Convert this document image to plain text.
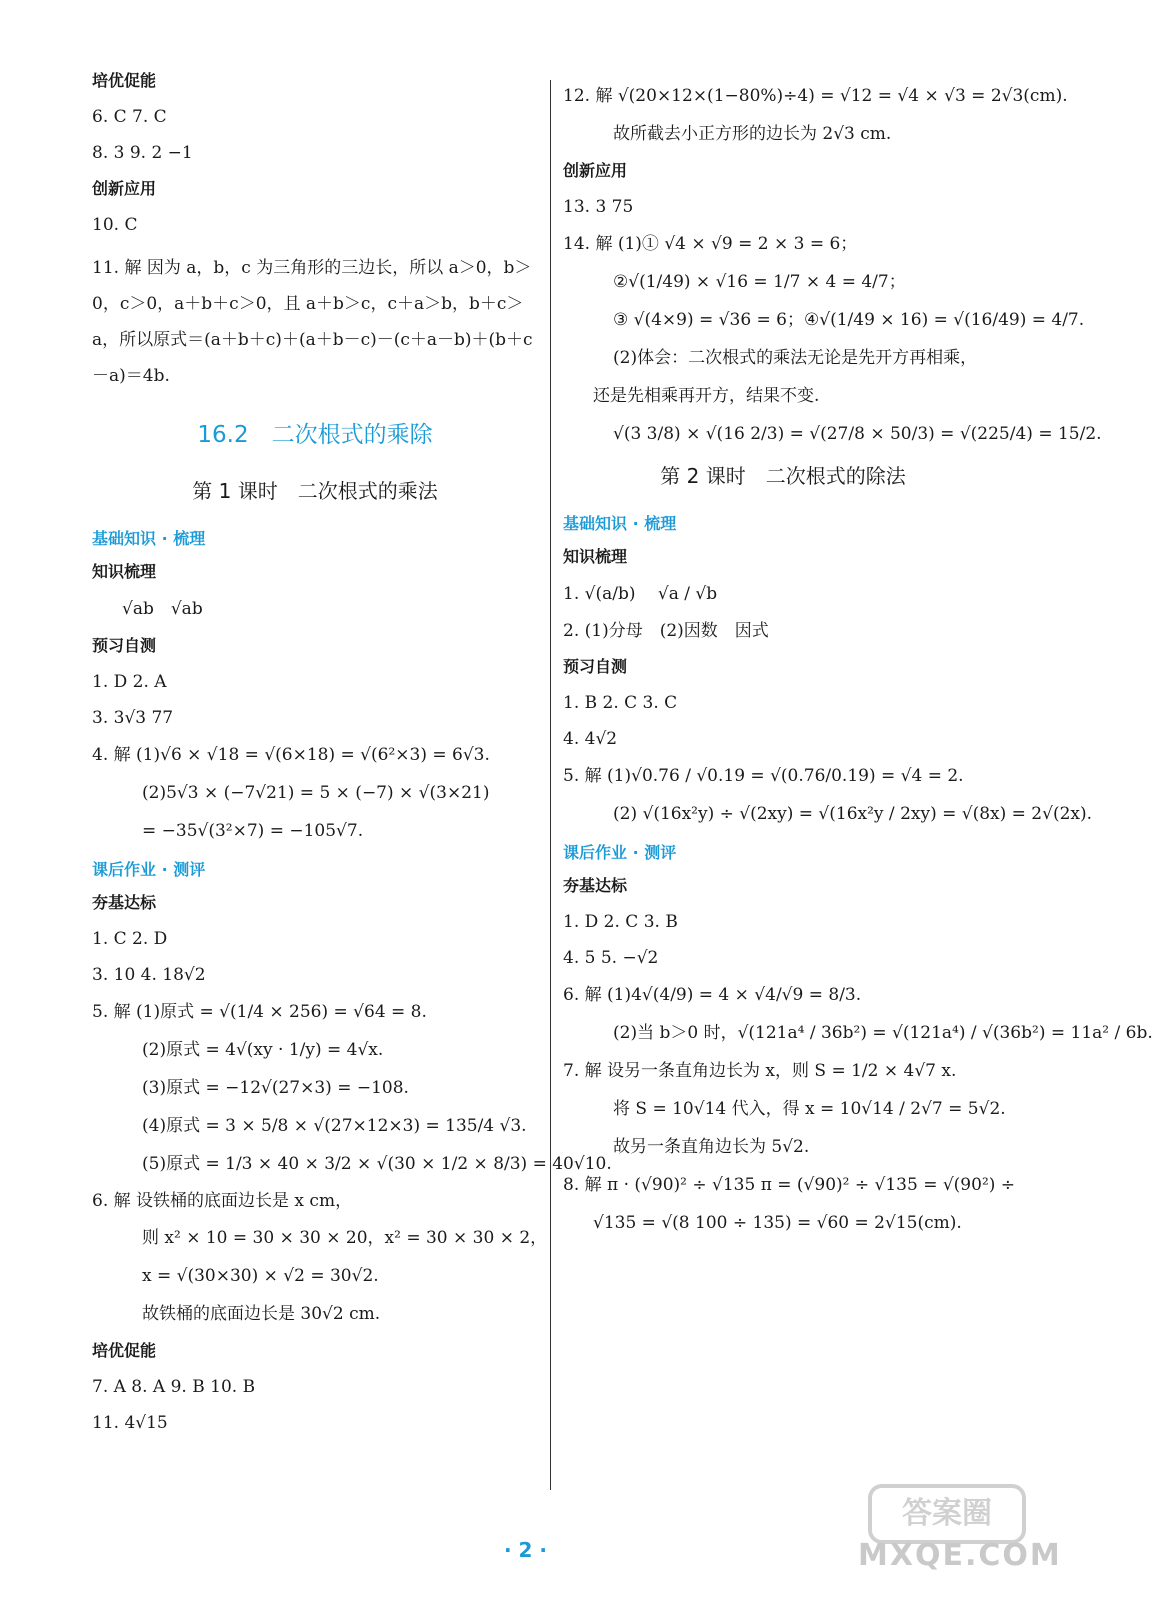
培优促能
6. C 7. C
8. 3 9. 2 −1
创新应用
10. C
11. 解 因为 a，b，c 为三角形的三边长，所以 a＞0，b＞0，c＞0，a＋b＋c＞0，且 a＋b＞c，c＋a＞b，b＋c＞a，所以原式＝(a＋b＋c)＋(a＋b－c)－(c＋a－b)＋(b＋c－a)＝4b.
16.2　二次根式的乘除
第 1 课时　二次根式的乘法
基础知识 · 梳理
知识梳理
√ab　√ab
预习自测
1. D 2. A
3. 3√3 77
4. 解 (1)√6 × √18 = √(6×18) = √(6²×3) = 6√3.
(2)5√3 × (−7√21) = 5 × (−7) × √(3×21)
= −35√(3²×7) = −105√7.
课后作业 · 测评
夯基达标
1. C 2. D
3. 10 4. 18√2
5. 解 (1)原式 = √(1/4 × 256) = √64 = 8.
(2)原式 = 4√(xy · 1/y) = 4√x.
(3)原式 = −12√(27×3) = −108.
(4)原式 = 3 × 5/8 × √(27×12×3) = 135/4 √3.
(5)原式 = 1/3 × 40 × 3/2 × √(30 × 1/2 × 8/3) = 40√10.
6. 解 设铁桶的底面边长是 x cm，
则 x² × 10 = 30 × 30 × 20，x² = 30 × 30 × 2，
x = √(30×30) × √2 = 30√2.
故铁桶的底面边长是 30√2 cm.
培优促能
7. A 8. A 9. B 10. B
11. 4√15
12. 解 √(20×12×(1−80%)÷4) = √12 = √4 × √3 = 2√3(cm).
故所截去小正方形的边长为 2√3 cm.
创新应用
13. 3 75
14. 解 (1)① √4 × √9 = 2 × 3 = 6；
②√(1/49) × √16 = 1/7 × 4 = 4/7；
③ √(4×9) = √36 = 6；④√(1/49 × 16) = √(16/49) = 4/7.
(2)体会：二次根式的乘法无论是先开方再相乘，
还是先相乘再开方，结果不变.
√(3 3/8) × √(16 2/3) = √(27/8 × 50/3) = √(225/4) = 15/2.
第 2 课时　二次根式的除法
基础知识 · 梳理
知识梳理
1. √(a/b)　 √a / √b
2. (1)分母　(2)因数　因式
预习自测
1. B 2. C 3. C
4. 4√2
5. 解 (1)√0.76 / √0.19 = √(0.76/0.19) = √4 = 2.
(2) √(16x²y) ÷ √(2xy) = √(16x²y / 2xy) = √(8x) = 2√(2x).
课后作业 · 测评
夯基达标
1. D 2. C 3. B
4. 5 5. −√2
6. 解 (1)4√(4/9) = 4 × √4/√9 = 8/3.
(2)当 b＞0 时，√(121a⁴ / 36b²) = √(121a⁴) / √(36b²) = 11a² / 6b.
7. 解 设另一条直角边长为 x，则 S = 1/2 × 4√7 x.
将 S = 10√14 代入，得 x = 10√14 / 2√7 = 5√2.
故另一条直角边长为 5√2.
8. 解 π · (√90)² ÷ √135 π = (√90)² ÷ √135 = √(90²) ÷
√135 = √(8 100 ÷ 135) = √60 = 2√15(cm).
· 2 ·
答案圈
MXQE.COM
